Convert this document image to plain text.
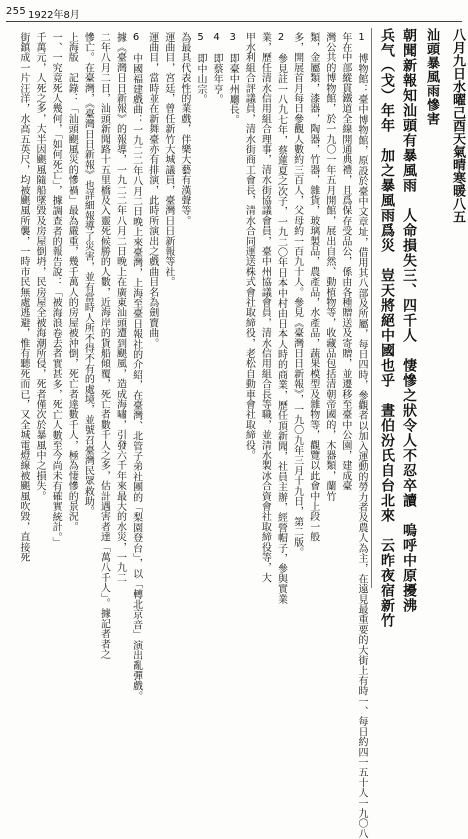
255 1922年8月
八月九日水曜己酉天氣晴寒暖八五
汕頭暴風雨慘害
朝聞新報知汕頭有暴風雨　人命損失三、四千人　悽慘之狀令人不忍卒讀　嗚呼中原擾沸
兵气（戈）年年　加之暴風雨爲災　豈天將絕中國也乎　晝伯汾氏自台北來　云昨夜宿新竹
1　博物館：臺中博物館，原設於臺中文章址，借用其八部及所屬，每日四時，參觀者以加入運動的勞力者及農人為主，在遠見最重要的大街上有時一、每日約四一五十人一九〇八
年在中部縱貫鐵道全線開通典禮，且爲保存受品公，係由各種贈送及寄贈，並遷移至臺中公園，建成臺
灣公共的博物館，於一九〇一年五月開館，展出自然、動植物等，收藏品包括清朝帝國的，木器類，蘭竹
類，金屬類，漆器，陶器，竹器，雜貨，玻璃製品，農產品，水產品，蔬果模型及雜物等，觀覽以此會中上段一般
多，開展首月每日參觀人數約三百人，父母約一百九十人。參見《臺灣日日新報》，一九〇九年三月十九日，第二版。
2　參見註一八九七年，蔡蓮夏之次子，一九二〇年日本中村由日本人時的商業，歷任頂新聞，社員主辦，經營帽子，參與實業
業，歷任清水信用組合理事，清水街協議會員，臺中州協議會員，清水信用組合長等職，並清水製冰合資會社取締役等，大
甲水利組合評議員，清水街商工會長，清水合同運送株式會社取締役，老松自動車會社取締役。
3　即臺中州廳長。
4　即蔡年亨。
5　即中山宗。
為最具代表性的業戲，伴樂大藝有漢聲等。
運曲目，宮廷，曾任新竹大城議員，臺灣日日新報等社。
運曲目，當時並在新舞臺亦有排演，此時所演出之戲曲目名為劍寶曲。
6　中國福建戲曲：一九二二年八月二日晚上來臺灣，上海至臺日報社的介紹，在臺灣、北管子弟社團的「梨園登台」，以「轉北京音」演出亂彈戲。
據《臺灣日日新報》的報導，一九二二年八月二日晚上在廣東汕頭遭到颶風，造成海嘯，引發六千年來最大的水災，一九二
二年八月二日，汕頭新聞路十五里橋及入靈死候勝的人數，近海岸的貨船傾覆，死亡者數千人之多，估計遇害者達「萬八千人」。據記者者之
慘亡。在臺灣，《臺灣日日新報》也詳細報導了災害，並有當時人所不得不有的處境，並號召臺灣民眾救助。
上海版　記錄：「汕頭颶風災的慘禍」最為嚴重，幾千萬人的房屋被沖倒，死亡者達數千人，極為悽慘的景況。
一、一究竟死人幾何，「如何死亡」，據調查者的報告說：「被海浪卷去者實甚多，死亡人數至今尚未有確實統計。」
千萬元，人死之多，大半因颶風隨船墜毀及房屋倒坍，民房屋全被海潮所侵，死者僅次於暴風中之損失。
街鎮成一片汪洋，水高五英尺，均被颶風所襲，一時市民無處逃避，惟有聽死而已，又全城電燈線被颶風吹毀，直接死
